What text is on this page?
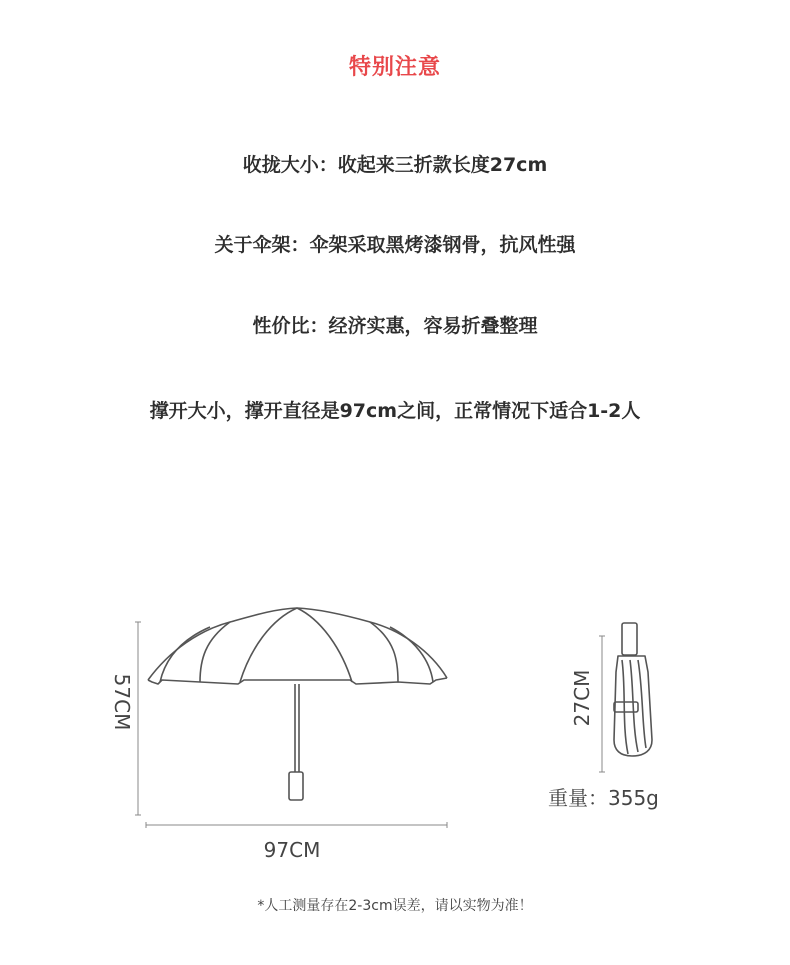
特别注意
收拢大小：收起来三折款长度27cm
关于伞架：伞架采取黑烤漆钢骨，抗风性强
性价比：经济实惠，容易折叠整理
撑开大小，撑开直径是97cm之间，正常情况下适合1-2人
57CM
97CM
27CM
重量：355g
*人工测量存在2-3cm误差，请以实物为准！
